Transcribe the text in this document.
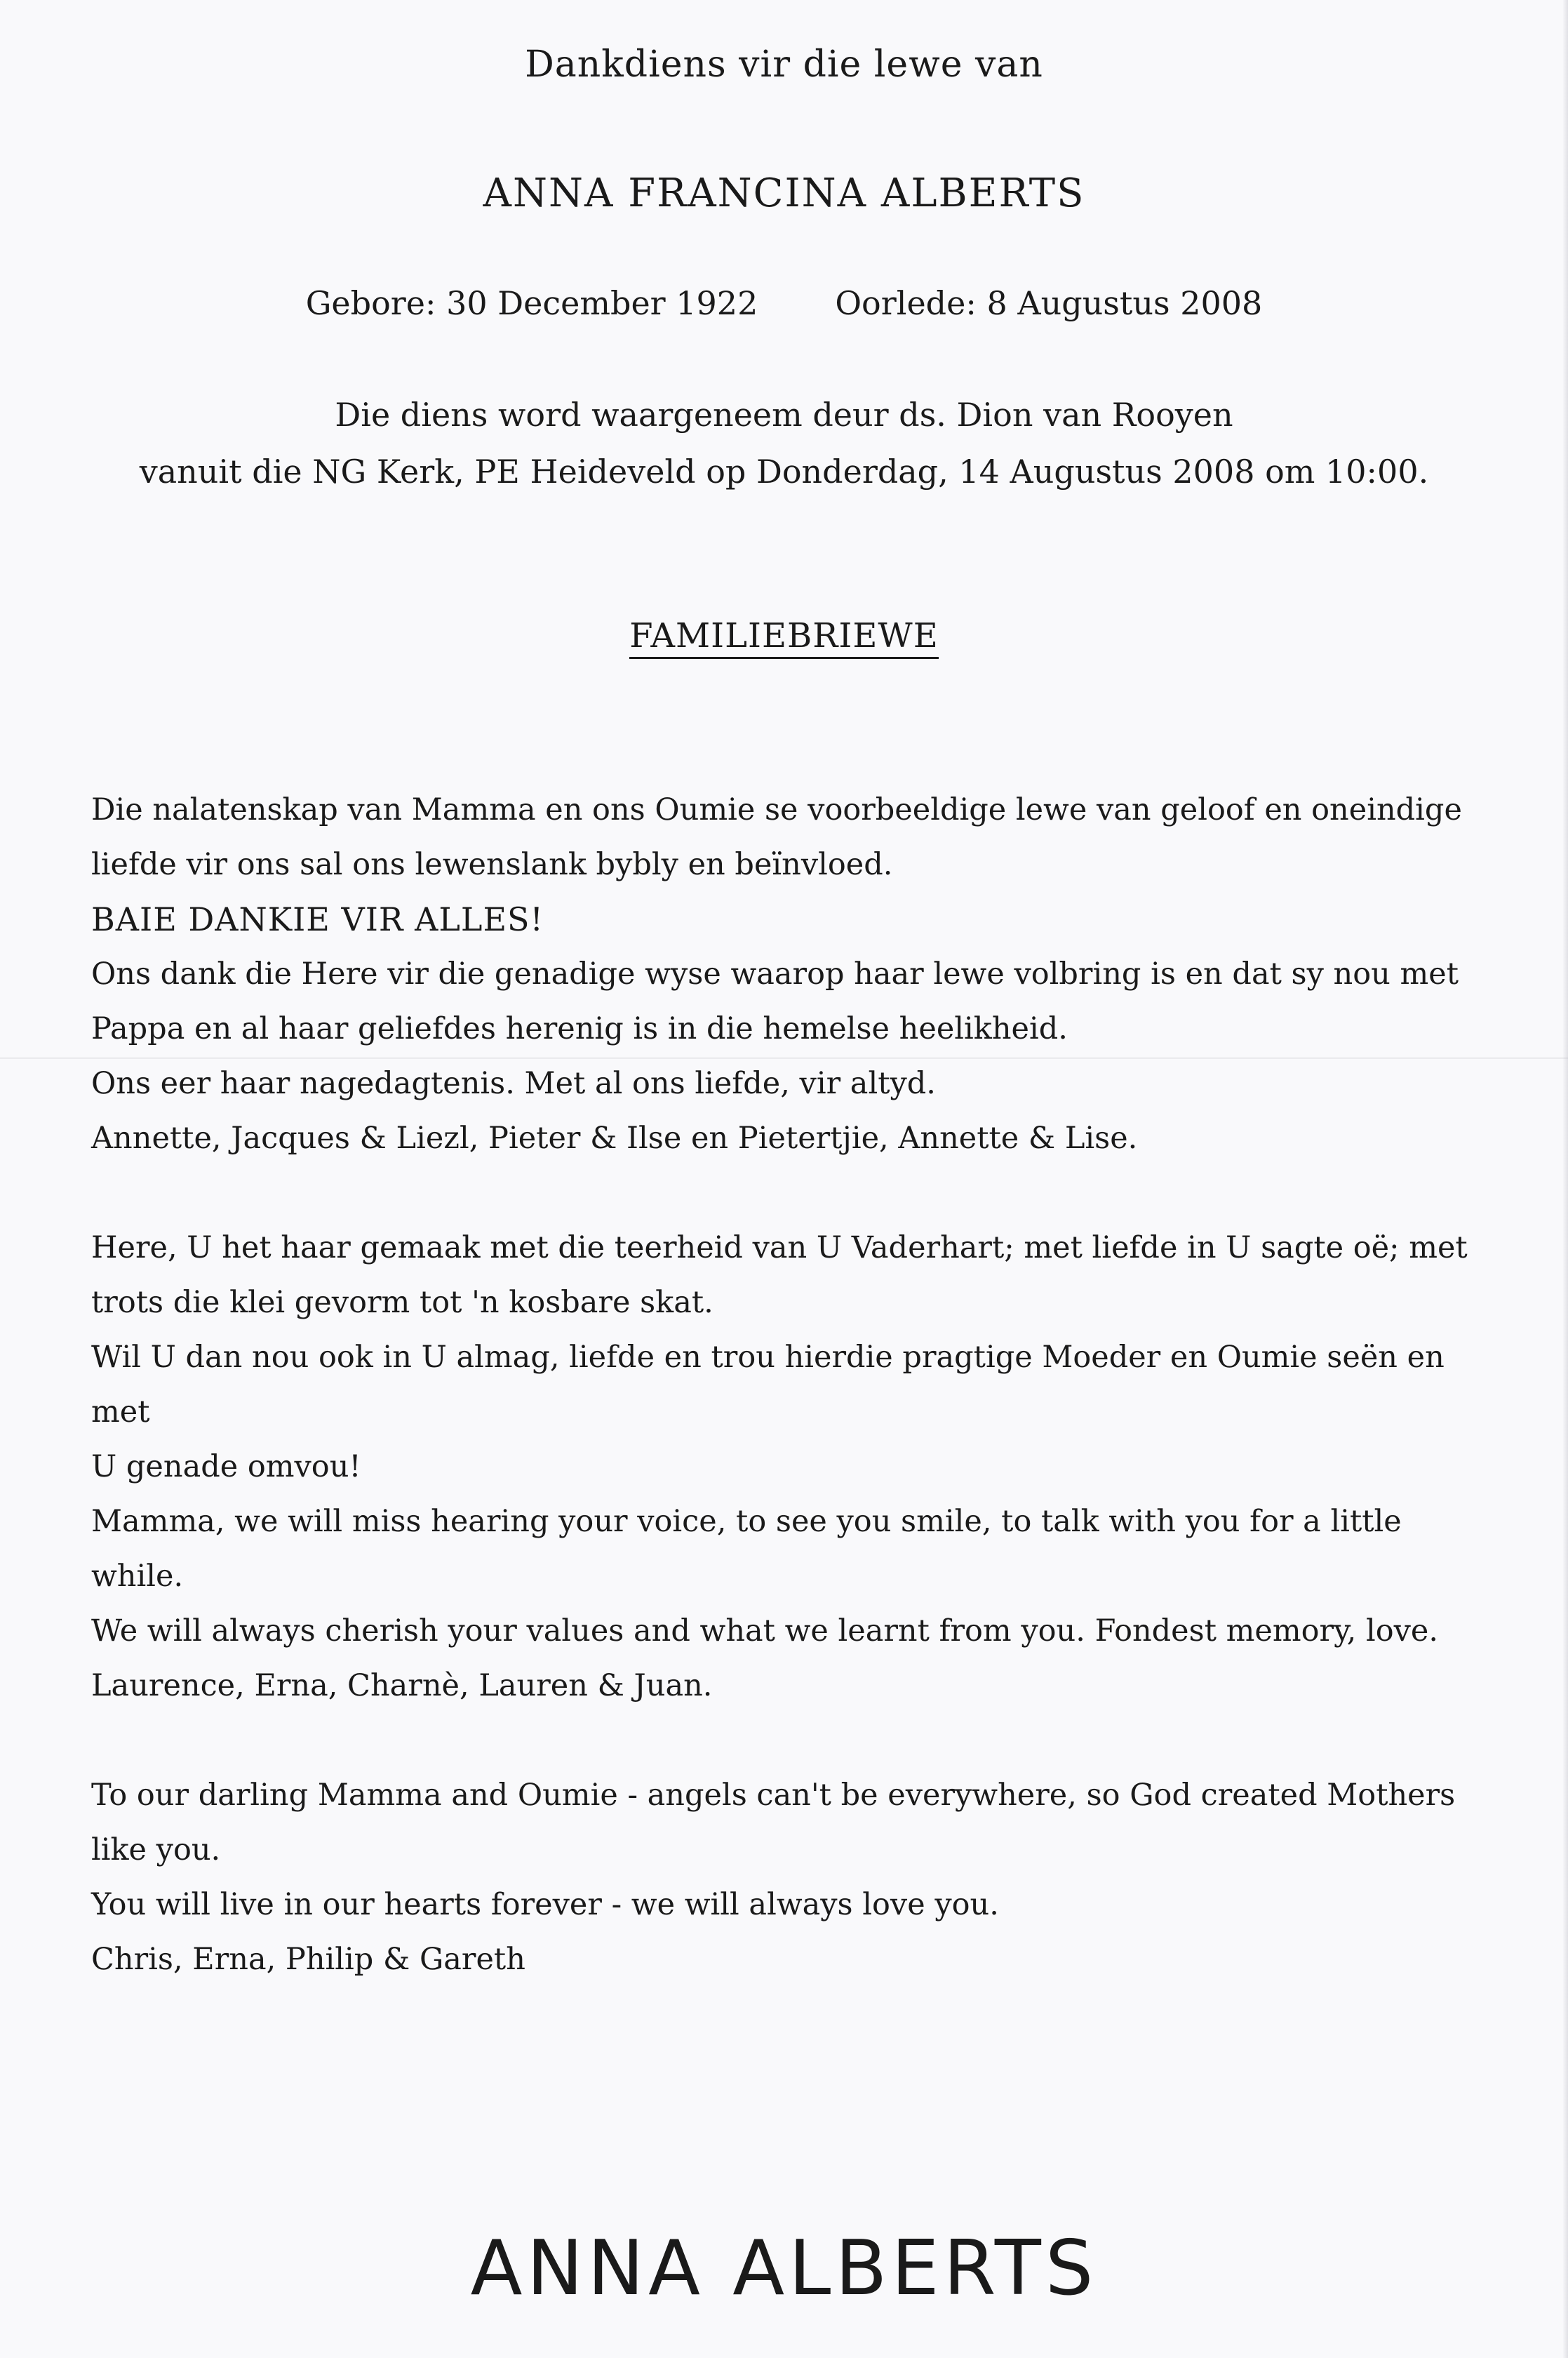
Dankdiens vir die lewe van
ANNA FRANCINA ALBERTS
Gebore: 30 December 1922 Oorlede: 8 Augustus 2008
Die diens word waargeneem deur ds. Dion van Rooyen
vanuit die NG Kerk, PE Heideveld op Donderdag, 14 Augustus 2008 om 10:00.
FAMILIEBRIEWE

Die nalatenskap van Mamma en ons Oumie se voorbeeldige lewe van geloof en oneindige

liefde vir ons sal ons lewenslank bybly en beïnvloed.

BAIE DANKIE VIR ALLES!

Ons dank die Here vir die genadige wyse waarop haar lewe volbring is en dat sy nou met

Pappa en al haar geliefdes herenig is in die hemelse heelikheid.

Ons eer haar nagedagtenis. Met al ons liefde, vir altyd.

Annette, Jacques & Liezl, Pieter & Ilse en Pietertjie, Annette & Lise.

Here, U het haar gemaak met die teerheid van U Vaderhart; met liefde in U sagte oë; met

trots die klei gevorm tot 'n kosbare skat.

Wil U dan nou ook in U almag, liefde en trou hierdie pragtige Moeder en Oumie seën en met

U genade omvou!

Mamma, we will miss hearing your voice, to see you smile, to talk with you for a little while.

We will always cherish your values and what we learnt from you. Fondest memory, love.

Laurence, Erna, Charnè, Lauren & Juan.

To our darling Mamma and Oumie - angels can't be everywhere, so God created Mothers

like you.

You will live in our hearts forever - we will always love you.

Chris, Erna, Philip & Gareth

ANNA ALBERTS
